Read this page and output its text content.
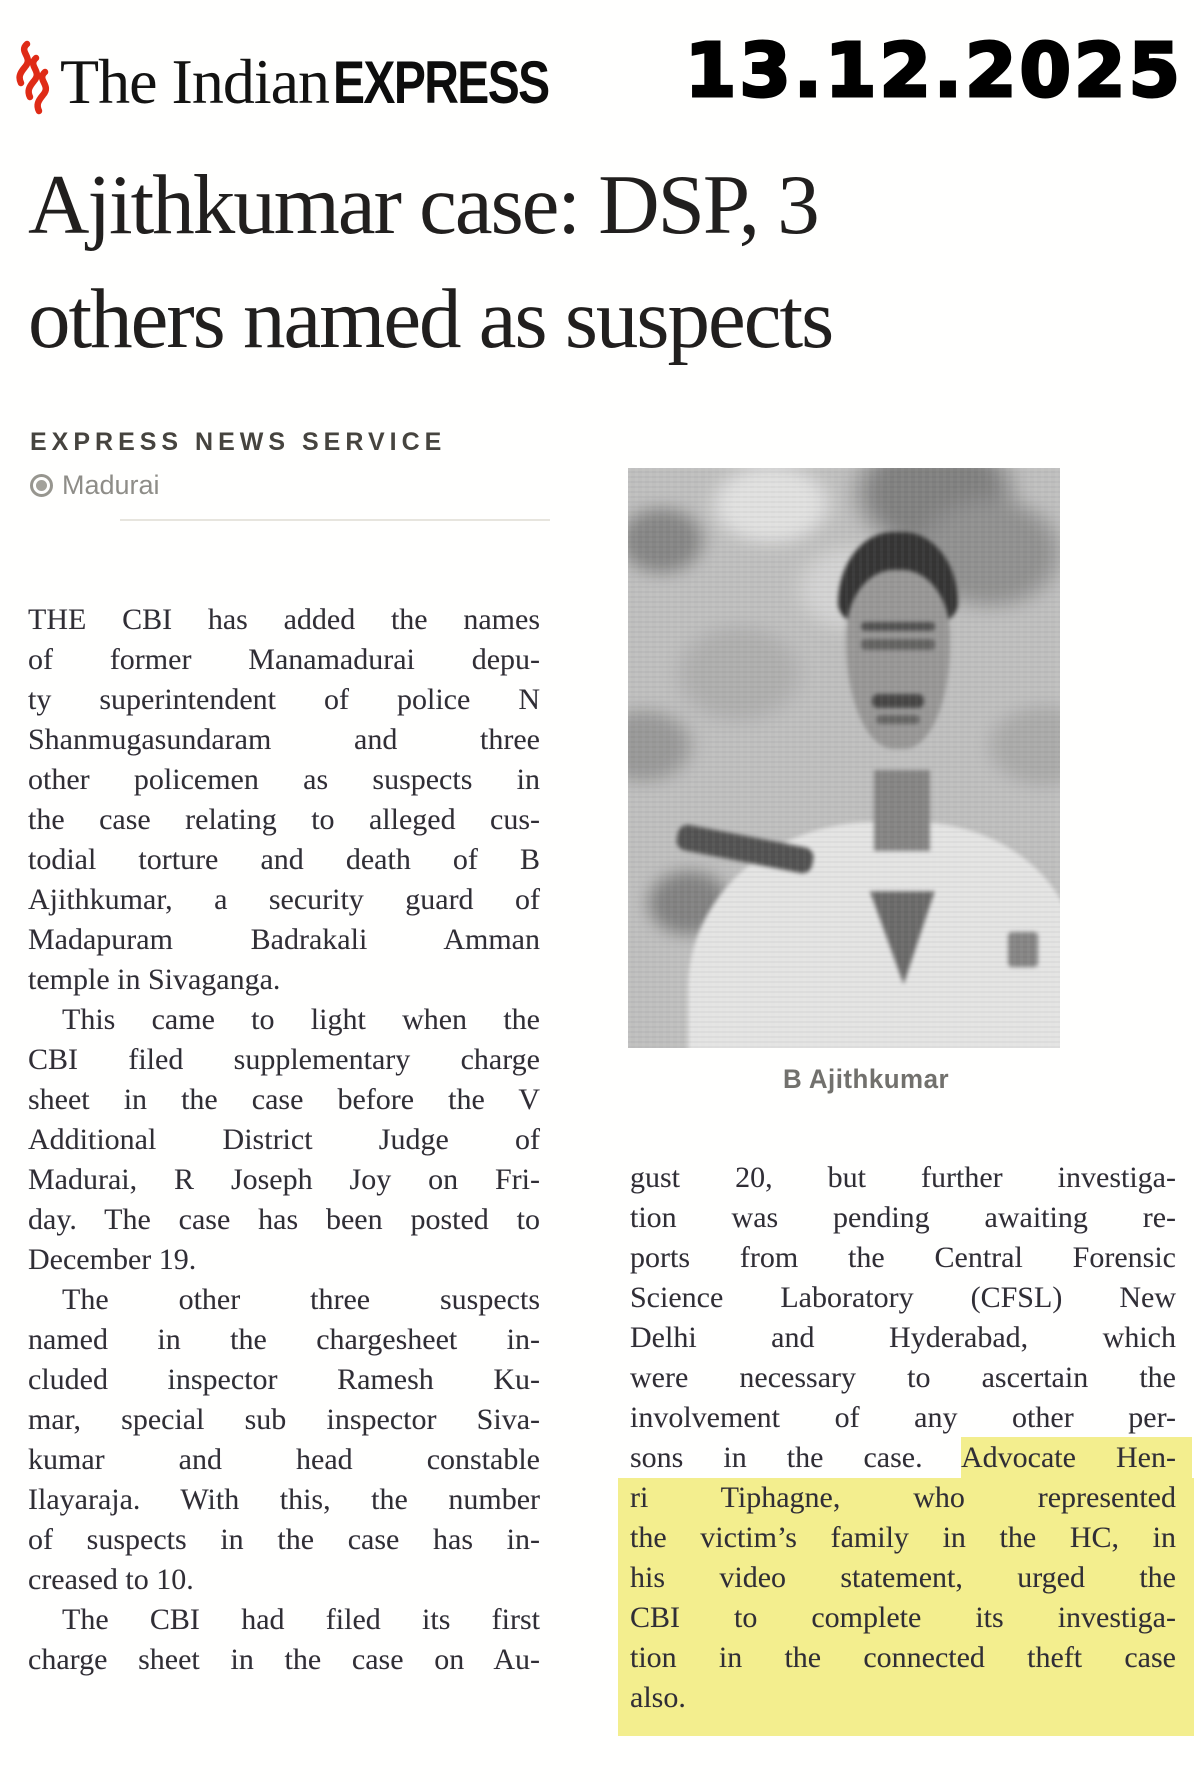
The Indian EXPRESS 13.12.2025
Ajithkumar case: DSP, 3
others named as suspects
EXPRESS NEWS SERVICE
Madurai
B Ajithkumar
THE CBI has added the names
of former Manamadurai depu-
ty superintendent of police N
Shanmugasundaram and three
other policemen as suspects in
the case relating to alleged cus-
todial torture and death of B
Ajithkumar, a security guard of
Madapuram Badrakali Amman
temple in Sivaganga.
This came to light when the
CBI filed supplementary charge
sheet in the case before the V
Additional District Judge of
Madurai, R Joseph Joy on Fri-
day. The case has been posted to
December 19.
The other three suspects
named in the chargesheet in-
cluded inspector Ramesh Ku-
mar, special sub inspector Siva-
kumar and head constable
Ilayaraja. With this, the number
of suspects in the case has in-
creased to 10.
The CBI had filed its first
charge sheet in the case on Au-
gust 20, but further investiga-
tion was pending awaiting re-
ports from the Central Forensic
Science Laboratory (CFSL) New
Delhi and Hyderabad, which
were necessary to ascertain the
involvement of any other per-
sons in the case. Advocate Hen-
ri Tiphagne, who represented
the victim’s family in the HC, in
his video statement, urged the
CBI to complete its investiga-
tion in the connected theft case
also.
